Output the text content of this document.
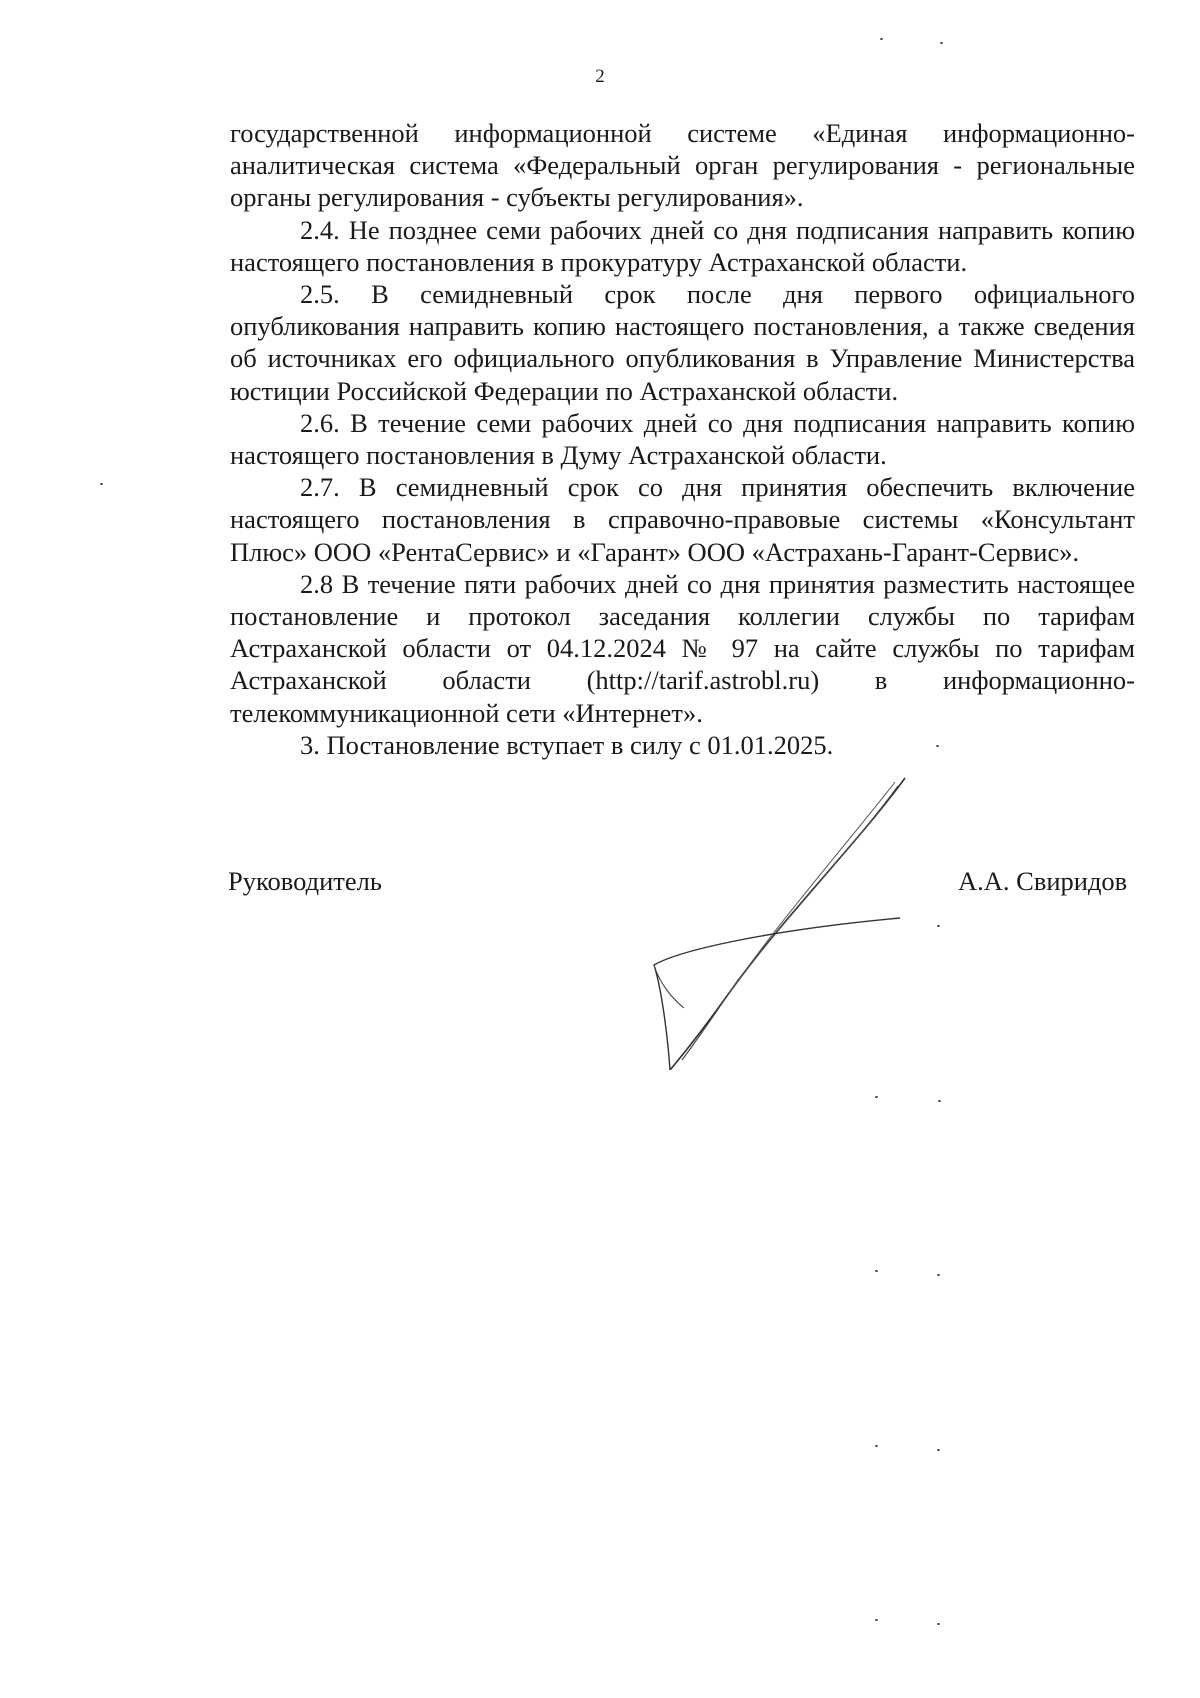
2

государственной информационной системе «Единая информационно-аналитическая система «Федеральный орган регулирования - региональные органы регулирования - субъекты регулирования».

2.4. Не позднее семи рабочих дней со дня подписания направить копию настоящего постановления в прокуратуру Астраханской области.

2.5. В семидневный срок после дня первого официального опубликования направить копию настоящего постановления, а также сведения об источниках его официального опубликования в Управление Министерства юстиции Российской Федерации по Астраханской области.

2.6. В течение семи рабочих дней со дня подписания направить копию настоящего постановления в Думу Астраханской области.

2.7. В семидневный срок со дня принятия обеспечить включение настоящего постановления в справочно-правовые системы «Консультант Плюс» ООО «РентаСервис» и «Гарант» ООО «Астрахань-Гарант-Сервис».

2.8 В течение пяти рабочих дней со дня принятия разместить настоящее постановление и протокол заседания коллегии службы по тарифам Астраханской области от 04.12.2024 № 97 на сайте службы по тарифам Астраханской области (http://tarif.astrobl.ru) в информационно-телекоммуникационной сети «Интернет».

3. Постановление вступает в силу с 01.01.2025.

Руководитель	А.А. Свиридов
